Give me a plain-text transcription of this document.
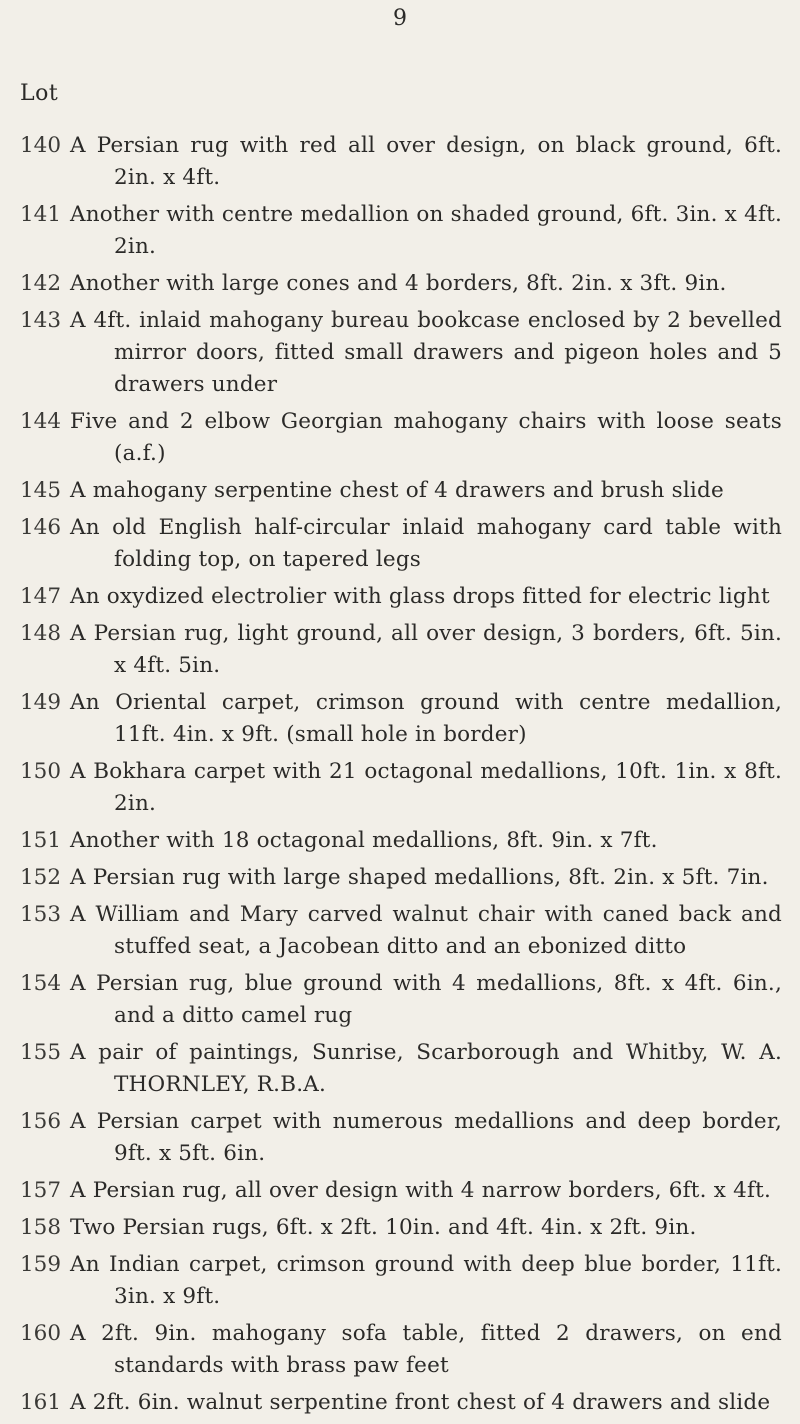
9
Lot
140 A Persian rug with red all over design, on black ground, 6ft. 2in. x 4ft.
141 Another with centre medallion on shaded ground, 6ft. 3in. x 4ft. 2in.
142 Another with large cones and 4 borders, 8ft. 2in. x 3ft. 9in.
143 A 4ft. inlaid mahogany bureau bookcase enclosed by 2 bevelled mirror doors, fitted small drawers and pigeon holes and 5 drawers under
144 Five and 2 elbow Georgian mahogany chairs with loose seats (a.f.)
145 A mahogany serpentine chest of 4 drawers and brush slide
146 An old English half-circular inlaid mahogany card table with folding top, on tapered legs
147 An oxydized electrolier with glass drops fitted for electric light
148 A Persian rug, light ground, all over design, 3 borders, 6ft. 5in. x 4ft. 5in.
149 An Oriental carpet, crimson ground with centre medallion, 11ft. 4in. x 9ft. (small hole in border)
150 A Bokhara carpet with 21 octagonal medallions, 10ft. 1in. x 8ft. 2in.
151 Another with 18 octagonal medallions, 8ft. 9in. x 7ft.
152 A Persian rug with large shaped medallions, 8ft. 2in. x 5ft. 7in.
153 A William and Mary carved walnut chair with caned back and stuffed seat, a Jacobean ditto and an ebonized ditto
154 A Persian rug, blue ground with 4 medallions, 8ft. x 4ft. 6in., and a ditto camel rug
155 A pair of paintings, Sunrise, Scarborough and Whitby, W. A. THORNLEY, R.B.A.
156 A Persian carpet with numerous medallions and deep border, 9ft. x 5ft. 6in.
157 A Persian rug, all over design with 4 narrow borders, 6ft. x 4ft.
158 Two Persian rugs, 6ft. x 2ft. 10in. and 4ft. 4in. x 2ft. 9in.
159 An Indian carpet, crimson ground with deep blue border, 11ft. 3in. x 9ft.
160 A 2ft. 9in. mahogany sofa table, fitted 2 drawers, on end standards with brass paw feet
161 A 2ft. 6in. walnut serpentine front chest of 4 drawers and slide
